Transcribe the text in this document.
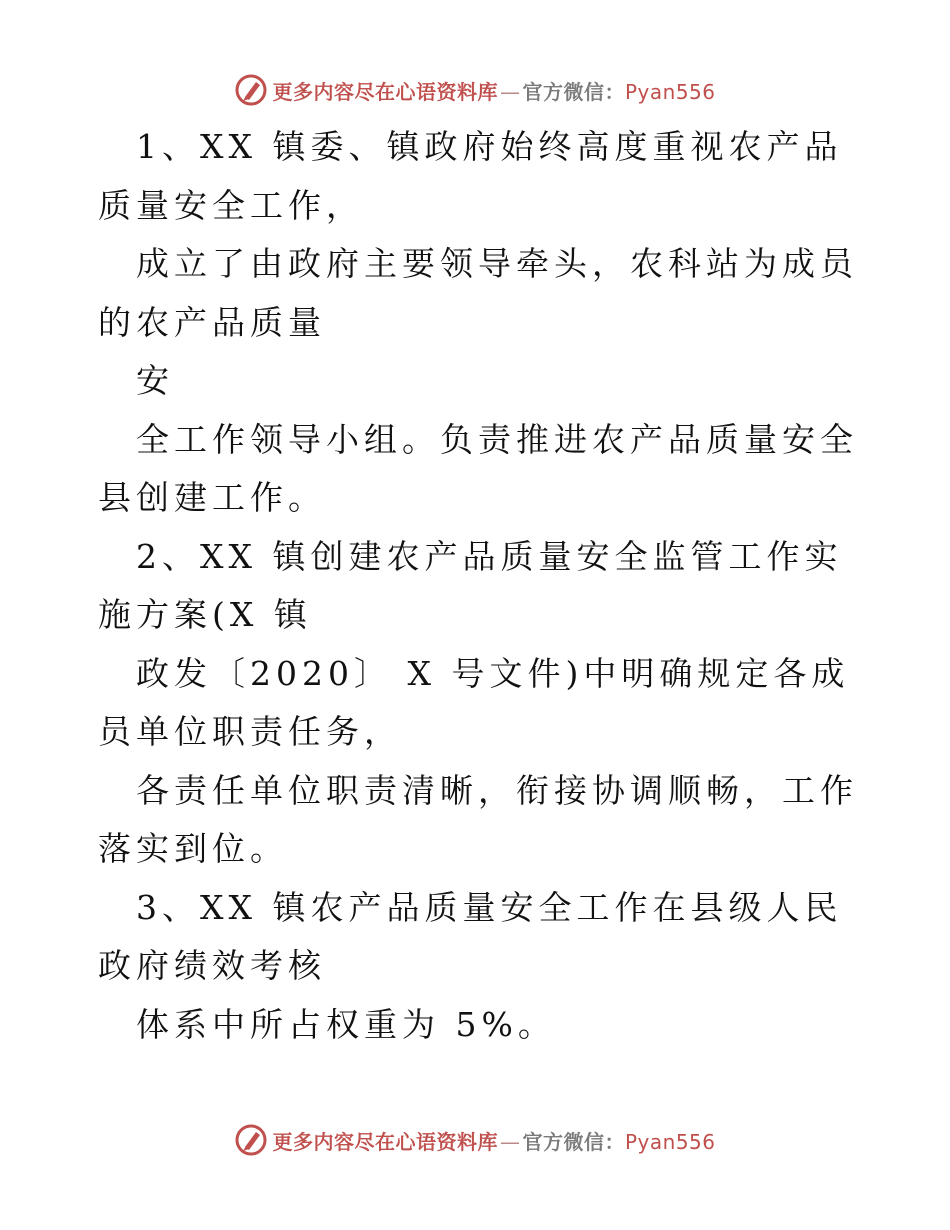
更多内容尽在心语资料库 — 官方微信：Pyan556

1、XX 镇委、镇政府始终高度重视农产品质量安全工作，

成立了由政府主要领导牵头，农科站为成员的农产品质量

安

全工作领导小组。负责推进农产品质量安全县创建工作。

2、XX 镇创建农产品质量安全监管工作实施方案(X 镇

政发〔2020〕 X 号文件)中明确规定各成员单位职责任务，

各责任单位职责清晰，衔接协调顺畅，工作落实到位。

3、XX 镇农产品质量安全工作在县级人民政府绩效考核

体系中所占权重为 5%。

更多内容尽在心语资料库 — 官方微信：Pyan556
